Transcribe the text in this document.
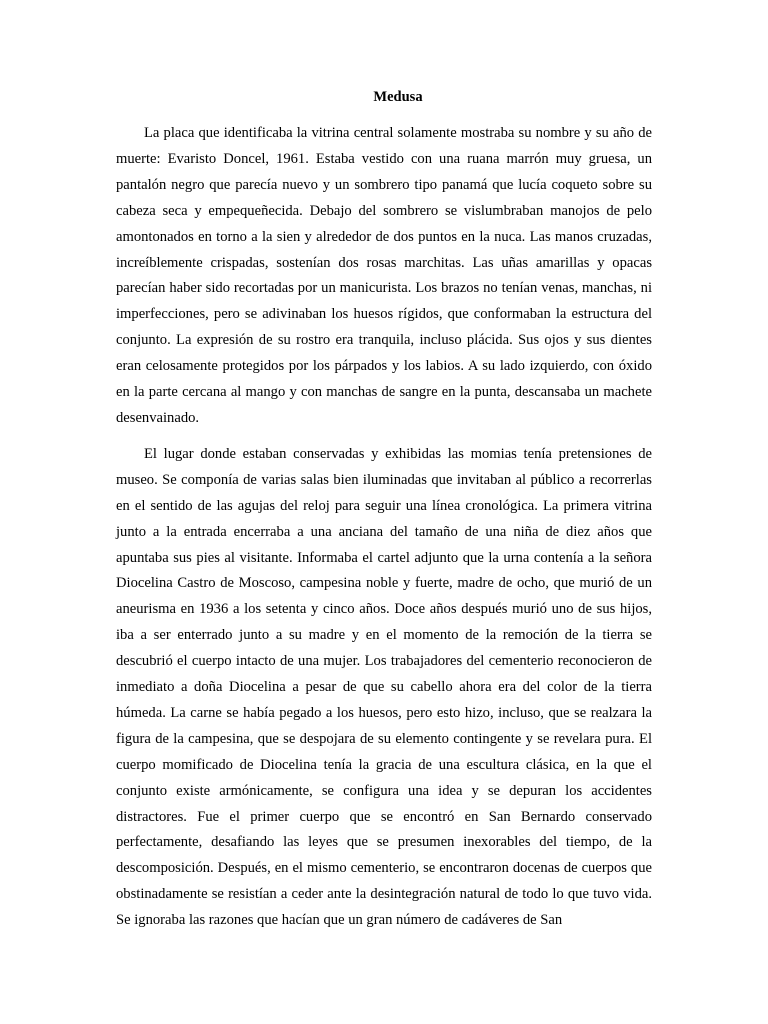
Medusa

La placa que identificaba la vitrina central solamente mostraba su nombre y su año de muerte: Evaristo Doncel, 1961. Estaba vestido con una ruana marrón muy gruesa, un pantalón negro que parecía nuevo y un sombrero tipo panamá que lucía coqueto sobre su cabeza seca y empequeñecida. Debajo del sombrero se vislumbraban manojos de pelo amontonados en torno a la sien y alrededor de dos puntos en la nuca. Las manos cruzadas, increíblemente crispadas, sostenían dos rosas marchitas. Las uñas amarillas y opacas parecían haber sido recortadas por un manicurista. Los brazos no tenían venas, manchas, ni imperfecciones, pero se adivinaban los huesos rígidos, que conformaban la estructura del conjunto. La expresión de su rostro era tranquila, incluso plácida. Sus ojos y sus dientes eran celosamente protegidos por los párpados y los labios. A su lado izquierdo, con óxido en la parte cercana al mango y con manchas de sangre en la punta, descansaba un machete desenvainado.

El lugar donde estaban conservadas y exhibidas las momias tenía pretensiones de museo. Se componía de varias salas bien iluminadas que invitaban al público a recorrerlas en el sentido de las agujas del reloj para seguir una línea cronológica. La primera vitrina junto a la entrada encerraba a una anciana del tamaño de una niña de diez años que apuntaba sus pies al visitante. Informaba el cartel adjunto que la urna contenía a la señora Diocelina Castro de Moscoso, campesina noble y fuerte, madre de ocho, que murió de un aneurisma en 1936 a los setenta y cinco años. Doce años después murió uno de sus hijos, iba a ser enterrado junto a su madre y en el momento de la remoción de la tierra se descubrió el cuerpo intacto de una mujer. Los trabajadores del cementerio reconocieron de inmediato a doña Diocelina a pesar de que su cabello ahora era del color de la tierra húmeda. La carne se había pegado a los huesos, pero esto hizo, incluso, que se realzara la figura de la campesina, que se despojara de su elemento contingente y se revelara pura. El cuerpo momificado de Diocelina tenía la gracia de una escultura clásica, en la que el conjunto existe armónicamente, se configura una idea y se depuran los accidentes distractores. Fue el primer cuerpo que se encontró en San Bernardo conservado perfectamente, desafiando las leyes que se presumen inexorables del tiempo, de la descomposición. Después, en el mismo cementerio, se encontraron docenas de cuerpos que obstinadamente se resistían a ceder ante la desintegración natural de todo lo que tuvo vida. Se ignoraba las razones que hacían que un gran número de cadáveres de San
